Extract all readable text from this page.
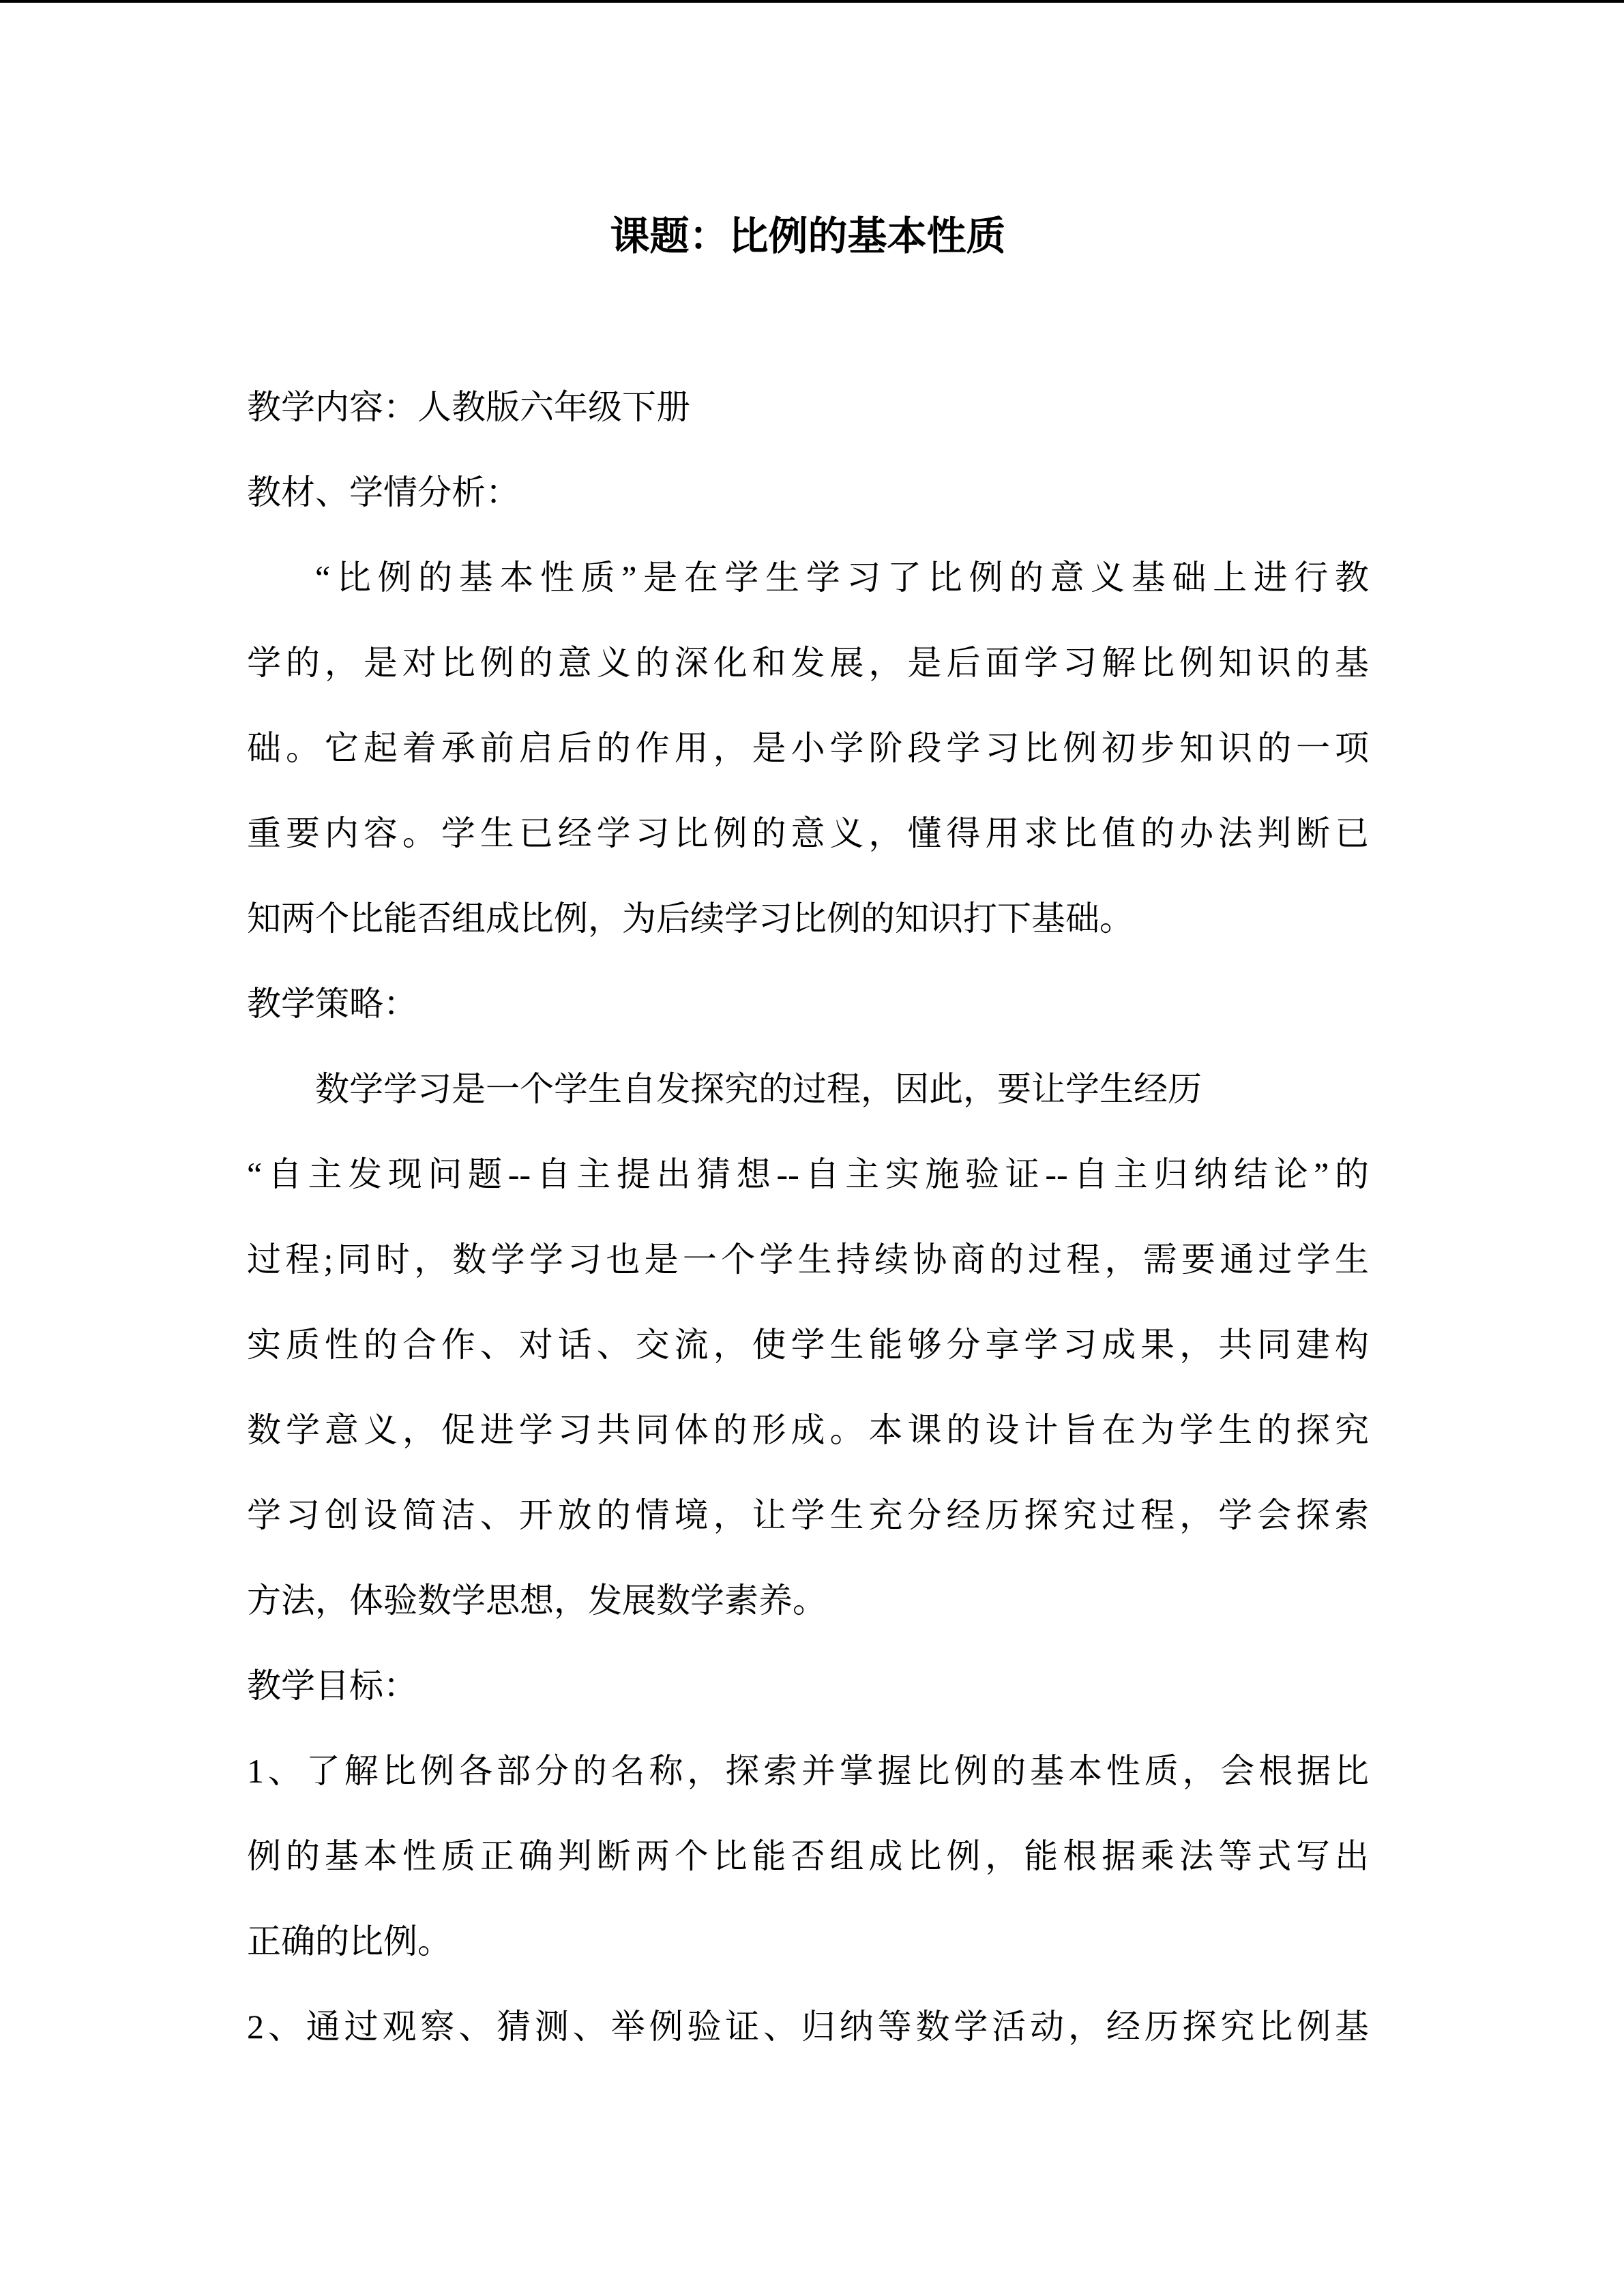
课题：比例的基本性质
教学内容：人教版六年级下册
教材、学情分析：
“比例的基本性质”是在学生学习了比例的意义基础上进行教
学的，是对比例的意义的深化和发展，是后面学习解比例知识的基
础。它起着承前启后的作用，是小学阶段学习比例初步知识的一项
重要内容。学生已经学习比例的意义，懂得用求比值的办法判断已
知两个比能否组成比例，为后续学习比例的知识打下基础。
教学策略：
数学学习是一个学生自发探究的过程，因此，要让学生经历
“自主发现问题--自主提出猜想--自主实施验证--自主归纳结论”的
过程;同时，数学学习也是一个学生持续协商的过程，需要通过学生
实质性的合作、对话、交流，使学生能够分享学习成果，共同建构
数学意义，促进学习共同体的形成。本课的设计旨在为学生的探究
学习创设简洁、开放的情境，让学生充分经历探究过程，学会探索
方法，体验数学思想，发展数学素养。
教学目标：
1、了解比例各部分的名称，探索并掌握比例的基本性质，会根据比
例的基本性质正确判断两个比能否组成比例，能根据乘法等式写出
正确的比例。
2、通过观察、猜测、举例验证、归纳等数学活动，经历探究比例基
